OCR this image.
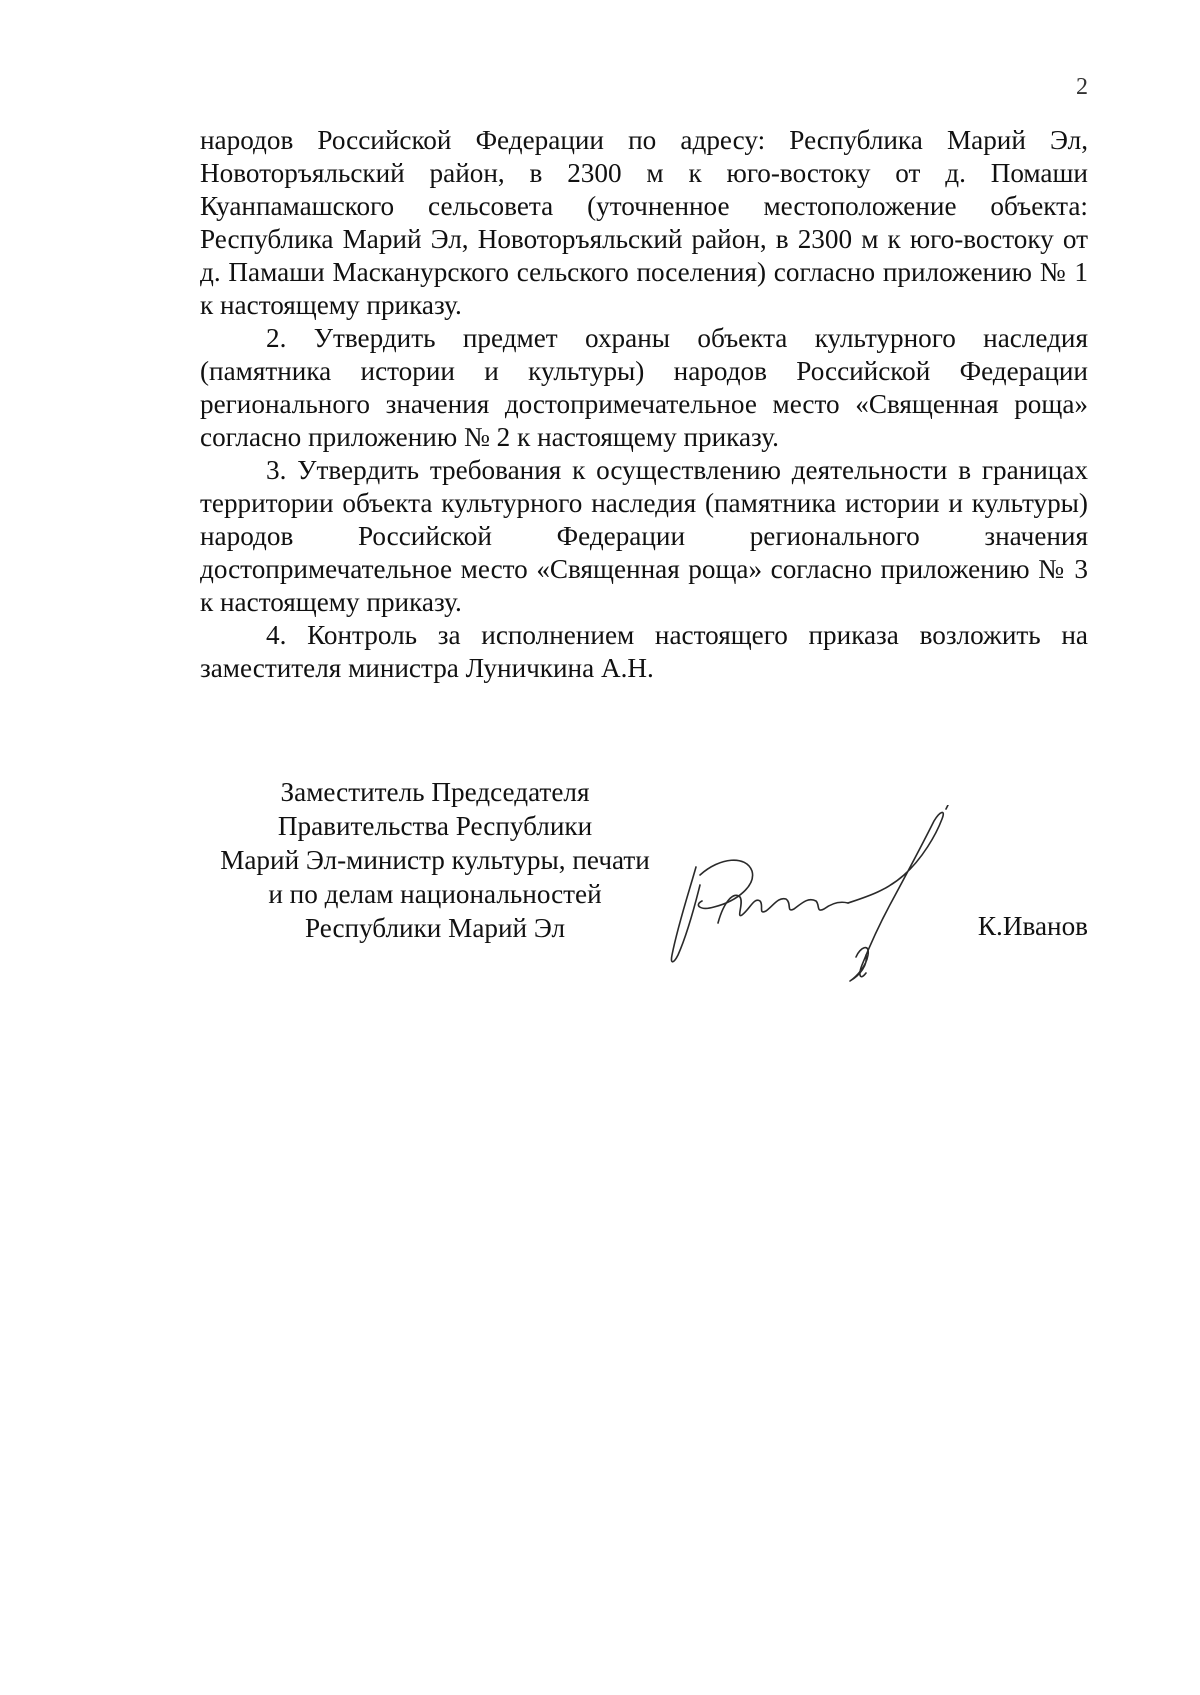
2

народов Российской Федерации по адресу: Республика Марий Эл, Новоторъяльский район, в 2300 м к юго-востоку от д. Помаши Куанпамашского сельсовета (уточненное местоположение объекта: Республика Марий Эл, Новоторъяльский район, в 2300 м к юго-востоку от д. Памаши Масканурского сельского поселения) согласно приложению № 1 к настоящему приказу.

2. Утвердить предмет охраны объекта культурного наследия (памятника истории и культуры) народов Российской Федерации регионального значения достопримечательное место «Священная роща» согласно приложению № 2 к настоящему приказу.

3. Утвердить требования к осуществлению деятельности в границах территории объекта культурного наследия (памятника истории и культуры) народов Российской Федерации регионального значения достопримечательное место «Священная роща» согласно приложению № 3 к настоящему приказу.

4. Контроль за исполнением настоящего приказа возложить на заместителя министра Луничкина А.Н.

Заместитель Председателя
Правительства Республики
Марий Эл-министр культуры, печати
и по делам национальностей
Республики Марий Эл	К.Иванов
